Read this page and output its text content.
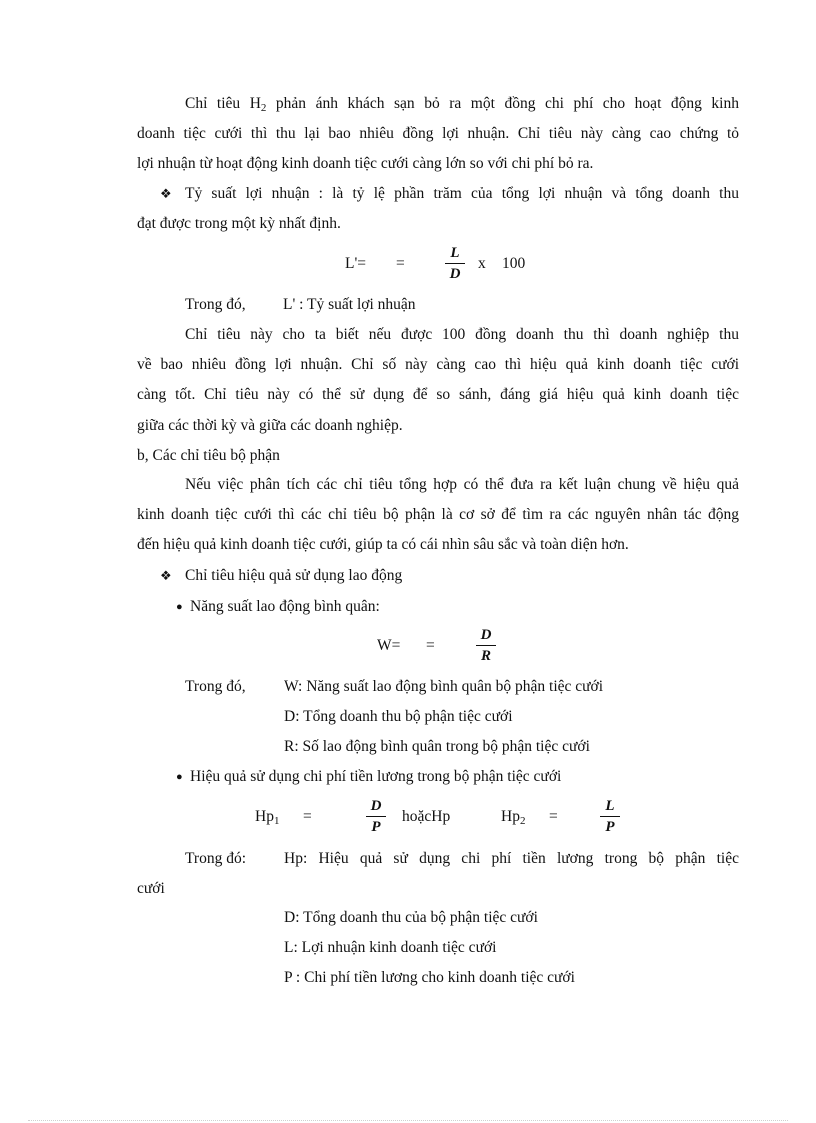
Chỉ tiêu $H_2$ phản ánh khách sạn bỏ ra một đồng chi phí cho hoạt động kinh
doanh tiệc cưới thì thu lại bao nhiêu đồng lợi nhuận. Chỉ tiêu này càng cao chứng tỏ
lợi nhuận từ hoạt động kinh doanh tiệc cưới càng lớn so với chi phí bỏ ra.
❖ Tỷ suất lợi nhuận : là tỷ lệ phần trăm của tổng lợi nhuận và tổng doanh thu
đạt được trong một kỳ nhất định.
L'= =
L
D
x 100
Trong đó, L' : Tỷ suất lợi nhuận
Chỉ tiêu này cho ta biết nếu được 100 đồng doanh thu thì doanh nghiệp thu
về bao nhiêu đồng lợi nhuận. Chỉ số này càng cao thì hiệu quả kinh doanh tiệc cưới
càng tốt. Chỉ tiêu này có thể sử dụng để so sánh, đáng giá hiệu quả kinh doanh tiệc
giữa các thời kỳ và giữa các doanh nghiệp.
b, Các chỉ tiêu bộ phận
Nếu việc phân tích các chỉ tiêu tổng hợp có thể đưa ra kết luận chung về hiệu quả
kinh doanh tiệc cưới thì các chỉ tiêu bộ phận là cơ sở để tìm ra các nguyên nhân tác động
đến hiệu quả kinh doanh tiệc cưới, giúp ta có cái nhìn sâu sắc và toàn diện hơn.
❖ Chỉ tiêu hiệu quả sử dụng lao động
● Năng suất lao động bình quân:
W= =
D
R
Trong đó, W: Năng suất lao động bình quân bộ phận tiệc cưới
D: Tổng doanh thu bộ phận tiệc cưới
R: Số lao động bình quân trong bộ phận tiệc cưới
● Hiệu quả sử dụng chi phí tiền lương trong bộ phận tiệc cưới
$Hp_1$ =
D
P
hoặcHp	$Hp_2$ =
L
P
Trong đó: Hp: Hiệu quả sử dụng chi phí tiền lương trong bộ phận tiệc
cưới
D: Tổng doanh thu của bộ phận tiệc cưới
L: Lợi nhuận kinh doanh tiệc cưới
P : Chi phí tiền lương cho kinh doanh tiệc cưới
